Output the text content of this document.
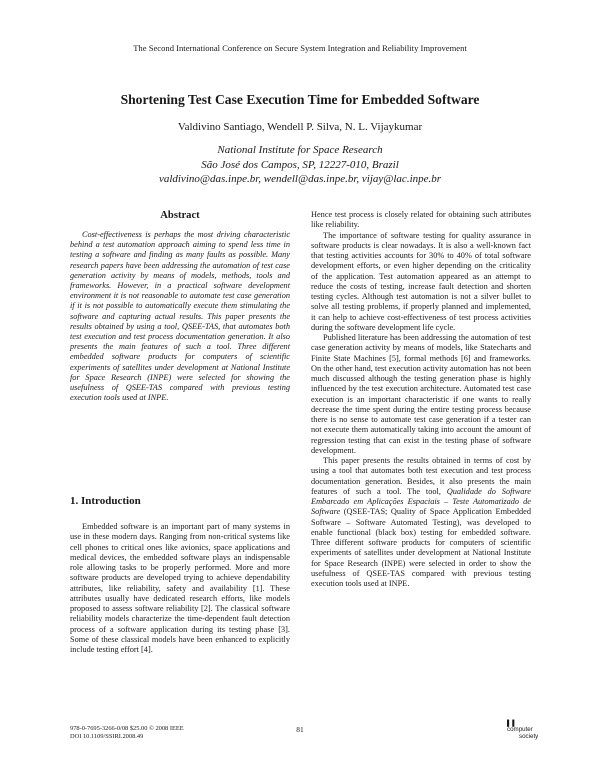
The Second International Conference on Secure System Integration and Reliability Improvement
Shortening Test Case Execution Time for Embedded Software
Valdivino Santiago, Wendell P. Silva, N. L. Vijaykumar
National Institute for Space Research
São José dos Campos, SP, 12227-010, Brazil
valdivino@das.inpe.br, wendell@das.inpe.br, vijay@lac.inpe.br
Abstract

Cost-effectiveness is perhaps the most driving characteristic behind a test automation approach aiming to spend less time in testing a software and finding as many faults as possible. Many research papers have been addressing the automation of test case generation activity by means of models, methods, tools and frameworks. However, in a practical software development environment it is not reasonable to automate test case generation if it is not possible to automatically execute them stimulating the software and capturing actual results. This paper presents the results obtained by using a tool, QSEE-TAS, that automates both test execution and test process documentation generation. It also presents the main features of such a tool. Three different embedded software products for computers of scientific experiments of satellites under development at National Institute for Space Research (INPE) were selected for showing the usefulness of QSEE-TAS compared with previous testing execution tools used at INPE.

1. Introduction

Embedded software is an important part of many systems in use in these modern days. Ranging from non-critical systems like cell phones to critical ones like avionics, space applications and medical devices, the embedded software plays an indispensable role allowing tasks to be properly performed. More and more software products are developed trying to achieve dependability attributes, like reliability, safety and availability [1]. These attributes usually have dedicated research efforts, like models proposed to assess software reliability [2]. The classical software reliability models characterize the time-dependent fault detection process of a software application during its testing phase [3]. Some of these classical models have been enhanced to explicitly include testing effort [4].

Hence test process is closely related for obtaining such attributes like reliability.

The importance of software testing for quality assurance in software products is clear nowadays. It is also a well-known fact that testing activities accounts for 30% to 40% of total software development efforts, or even higher depending on the criticality of the application. Test automation appeared as an attempt to reduce the costs of testing, increase fault detection and shorten testing cycles. Although test automation is not a silver bullet to solve all testing problems, if properly planned and implemented, it can help to achieve cost-effectiveness of test process activities during the software development life cycle.

Published literature has been addressing the automation of test case generation activity by means of models, like Statecharts and Finite State Machines [5], formal methods [6] and frameworks. On the other hand, test execution activity automation has not been much discussed although the testing generation phase is highly influenced by the test execution architecture. Automated test case execution is an important characteristic if one wants to really decrease the time spent during the entire testing process because there is no sense to automate test case generation if a tester can not execute them automatically taking into account the amount of regression testing that can exist in the testing phase of software development.

This paper presents the results obtained in terms of cost by using a tool that automates both test execution and test process documentation generation. Besides, it also presents the main features of such a tool. The tool, Qualidade do Software Embarcado em Aplicações Espaciais – Teste Automatizado de Software (QSEE-TAS; Quality of Space Application Embedded Software – Software Automated Testing), was developed to enable functional (black box) testing for embedded software. Three different software products for computers of scientific experiments of satellites under development at National Institute for Space Research (INPE) were selected in order to show the usefulness of QSEE-TAS compared with previous testing execution tools used at INPE.

978-0-7695-3266-0/08 $25.00 © 2008 IEEE
DOI 10.1109/SSIRI.2008.49
81
▌▌
computer
society
